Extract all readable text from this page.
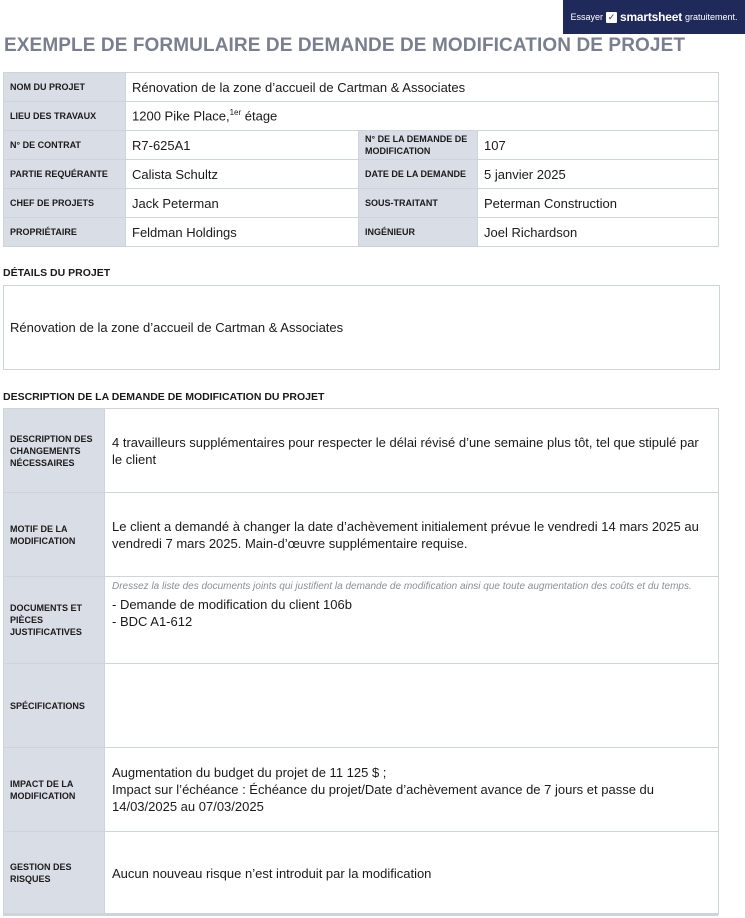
Essayer ✓ smartsheet gratuitement.
EXEMPLE DE FORMULAIRE DE DEMANDE DE MODIFICATION DE PROJET
NOM DU PROJET	Rénovation de la zone d’accueil de Cartman & Associates		
LIEU DES TRAVAUX	1200 Pike Place,$^{1er}$ étage		
N° DE CONTRAT	R7-625A1	N° DE LA DEMANDE DE MODIFICATION	107
PARTIE REQUÉRANTE	Calista Schultz	DATE DE LA DEMANDE	5 janvier 2025
CHEF DE PROJETS	Jack Peterman	SOUS-TRAITANT	Peterman Construction
PROPRIÉTAIRE	Feldman Holdings	INGÉNIEUR	Joel Richardson
DÉTAILS DU PROJET
Rénovation de la zone d’accueil de Cartman & Associates
DESCRIPTION DE LA DEMANDE DE MODIFICATION DU PROJET
DESCRIPTION DES CHANGEMENTS NÉCESSAIRES	4 travailleurs supplémentaires pour respecter le délai révisé d’une semaine plus tôt, tel que stipulé par le client
MOTIF DE LA MODIFICATION	Le client a demandé à changer la date d’achèvement initialement prévue le vendredi 14 mars 2025 au vendredi 7 mars 2025. Main-d’œuvre supplémentaire requise.
DOCUMENTS ET PIÈCES JUSTIFICATIVES	Dressez la liste des documents joints qui justifient la demande de modification ainsi que toute augmentation des coûts et du temps.
- Demande de modification du client 106b
- BDC A1-612

SPÉCIFICATIONS	
IMPACT DE LA MODIFICATION	Augmentation du budget du projet de 11 125 $ ;
Impact sur l’échéance : Échéance du projet/Date d’achèvement avance de 7 jours et passe du 14/03/2025 au 07/03/2025

GESTION DES RISQUES	Aucun nouveau risque n’est introduit par la modification
